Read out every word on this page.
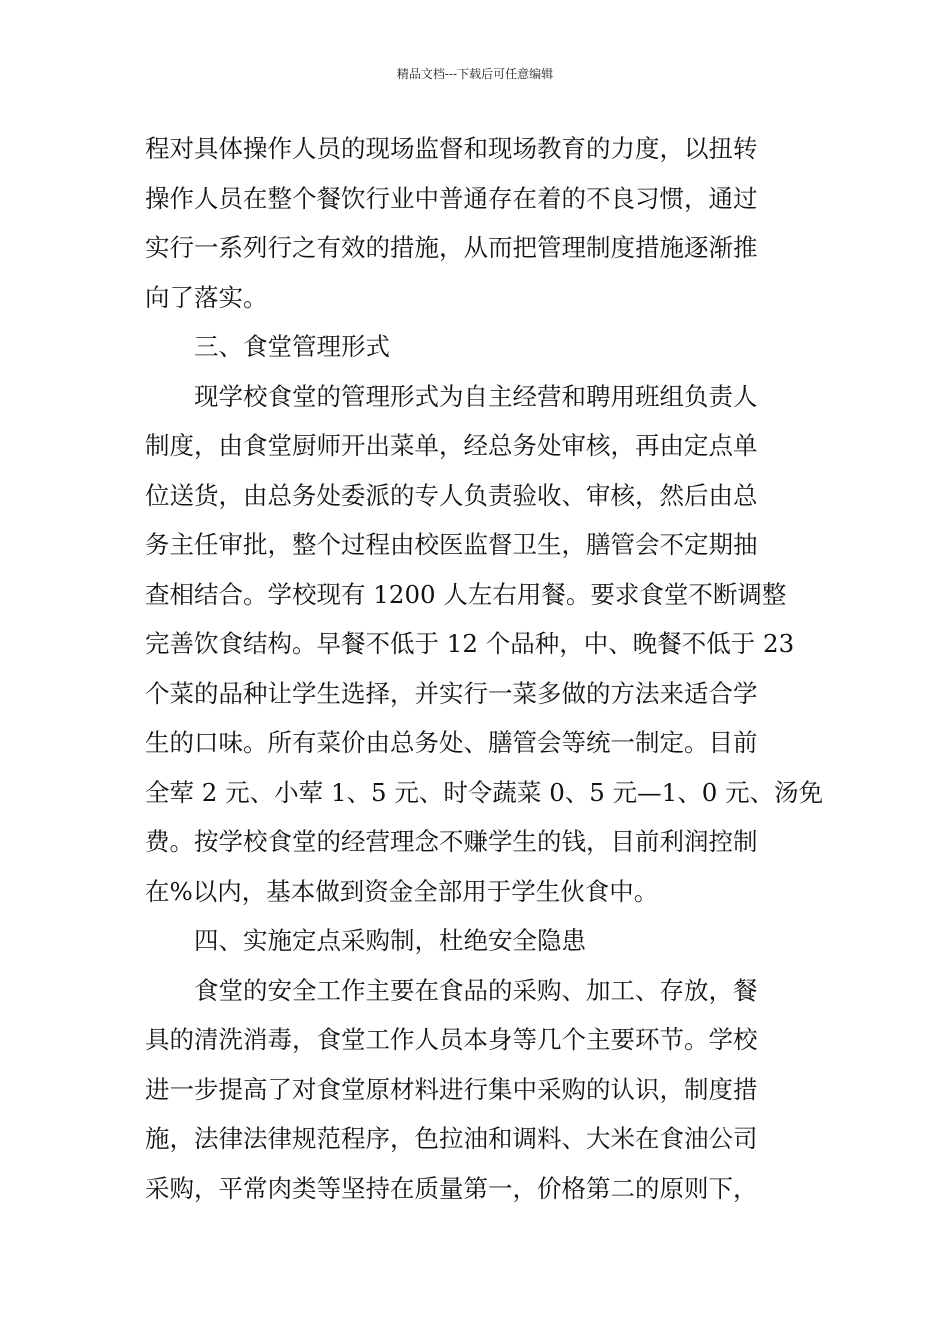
精品文档---下载后可任意编辑
程对具体操作人员的现场监督和现场教育的力度，以扭转
操作人员在整个餐饮行业中普通存在着的不良习惯，通过
实行一系列行之有效的措施，从而把管理制度措施逐渐推
向了落实。
三、食堂管理形式
现学校食堂的管理形式为自主经营和聘用班组负责人
制度，由食堂厨师开出菜单，经总务处审核，再由定点单
位送货，由总务处委派的专人负责验收、审核，然后由总
务主任审批，整个过程由校医监督卫生，膳管会不定期抽
查相结合。学校现有 1200 人左右用餐。要求食堂不断调整
完善饮食结构。早餐不低于 12 个品种，中、晚餐不低于 23
个菜的品种让学生选择，并实行一菜多做的方法来适合学
生的口味。所有菜价由总务处、膳管会等统一制定。目前
全荤 2 元、小荤 1、5 元、时令蔬菜 0、5 元—1、0 元、汤免
费。按学校食堂的经营理念不赚学生的钱，目前利润控制
在%以内，基本做到资金全部用于学生伙食中。
四、实施定点采购制，杜绝安全隐患
食堂的安全工作主要在食品的采购、加工、存放，餐
具的清洗消毒，食堂工作人员本身等几个主要环节。学校
进一步提高了对食堂原材料进行集中采购的认识，制度措
施，法律法律规范程序，色拉油和调料、大米在食油公司
采购，平常肉类等坚持在质量第一，价格第二的原则下，
